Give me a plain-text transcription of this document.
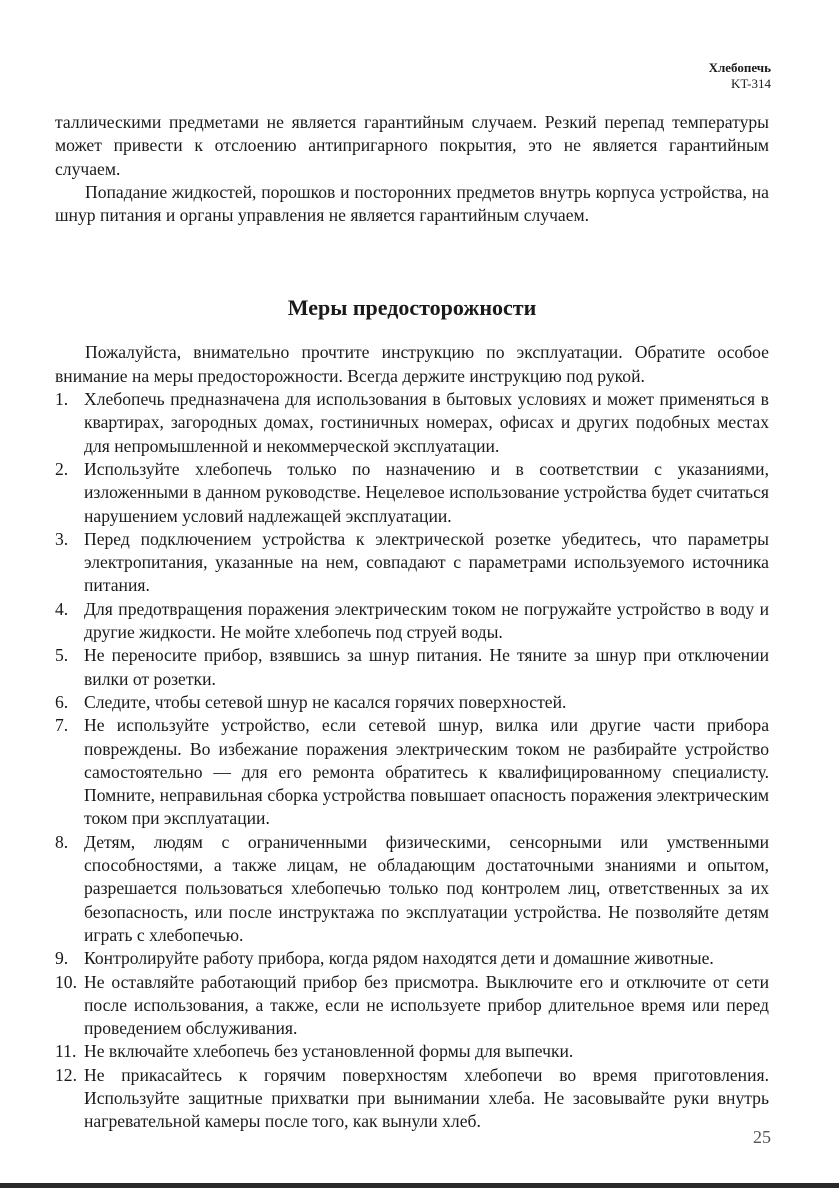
Хлебопечь
KT-314

таллическими предметами не является гарантийным случаем. Резкий перепад температуры может привести к отслоению антипригарного покрытия, это не является гарантийным случаем.

Попадание жидкостей, порошков и посторонних предметов внутрь корпуса устройства, на шнур питания и органы управления не является гарантийным случаем.

Меры предосторожности

Пожалуйста, внимательно прочтите инструкцию по эксплуатации. Обратите особое внимание на меры предосторожности. Всегда держите инструкцию под рукой.

1. Хлебопечь предназначена для использования в бытовых условиях и может применяться в квартирах, загородных домах, гостиничных номерах, офисах и других подобных местах для непромышленной и некоммерческой эксплуатации.
2. Используйте хлебопечь только по назначению и в соответствии с указаниями, изложенными в данном руководстве. Нецелевое использование устройства будет считаться нарушением условий надлежащей эксплуатации.
3. Перед подключением устройства к электрической розетке убедитесь, что параметры электропитания, указанные на нем, совпадают с параметрами используемого источника питания.
4. Для предотвращения поражения электрическим током не погружайте устройство в воду и другие жидкости. Не мойте хлебопечь под струей воды.
5. Не переносите прибор, взявшись за шнур питания. Не тяните за шнур при отключении вилки от розетки.
6. Следите, чтобы сетевой шнур не касался горячих поверхностей.
7. Не используйте устройство, если сетевой шнур, вилка или другие части прибора повреждены. Во избежание поражения электрическим током не разбирайте устройство самостоятельно — для его ремонта обратитесь к квалифицированному специалисту. Помните, неправильная сборка устройства повышает опасность поражения электрическим током при эксплуатации.
8. Детям, людям с ограниченными физическими, сенсорными или умственными способностями, а также лицам, не обладающим достаточными знаниями и опытом, разрешается пользоваться хлебопечью только под контролем лиц, ответственных за их безопасность, или после инструктажа по эксплуатации устройства. Не позволяйте детям играть с хлебопечью.
9. Контролируйте работу прибора, когда рядом находятся дети и домашние животные.
10. Не оставляйте работающий прибор без присмотра. Выключите его и отключите от сети после использования, а также, если не используете прибор длительное время или перед проведением обслуживания.
11. Не включайте хлебопечь без установленной формы для выпечки.
12. Не прикасайтесь к горячим поверхностям хлебопечи во время приготовления. Используйте защитные прихватки при вынимании хлеба. Не засовывайте руки внутрь нагревательной камеры после того, как вынули хлеб.
25
